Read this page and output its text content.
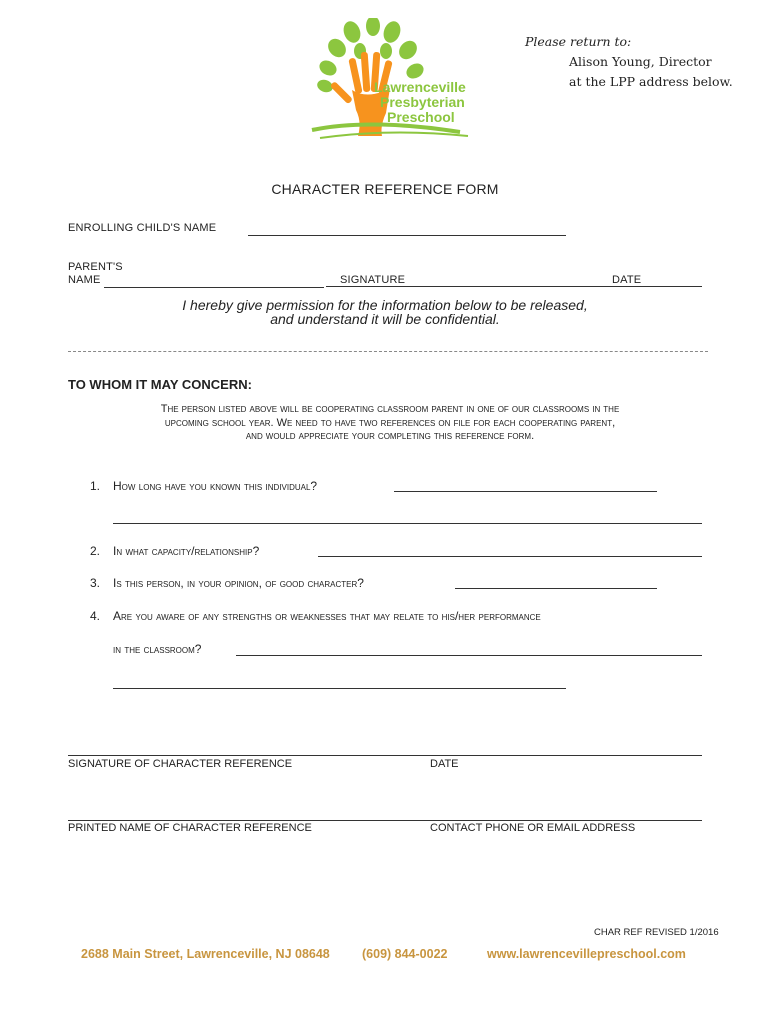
Lawrenceville
Presbyterian
Preschool
Please return to:
Alison Young, Director
at the LPP address below.
CHARACTER REFERENCE FORM
ENROLLING CHILD'S NAME
PARENT'S
NAME	SIGNATURE	DATE
I hereby give permission for the information below to be released,
and understand it will be confidential.
TO WHOM IT MAY CONCERN:
The person listed above will be cooperating classroom parent in one of our classrooms in the
upcoming school year. We need to have two references on file for each cooperating parent,
and would appreciate your completing this reference form.
1. How long have you known this individual?
2. In what capacity/relationship?
3. Is this person, in your opinion, of good character?
4. Are you aware of any strengths or weaknesses that may relate to his/her performance
in the classroom?
SIGNATURE OF CHARACTER REFERENCE	DATE
PRINTED NAME OF CHARACTER REFERENCE	CONTACT PHONE OR EMAIL ADDRESS
CHAR REF REVISED 1/2016
2688 Main Street, Lawrenceville, NJ 08648	(609) 844-0022	www.lawrencevillepreschool.com
